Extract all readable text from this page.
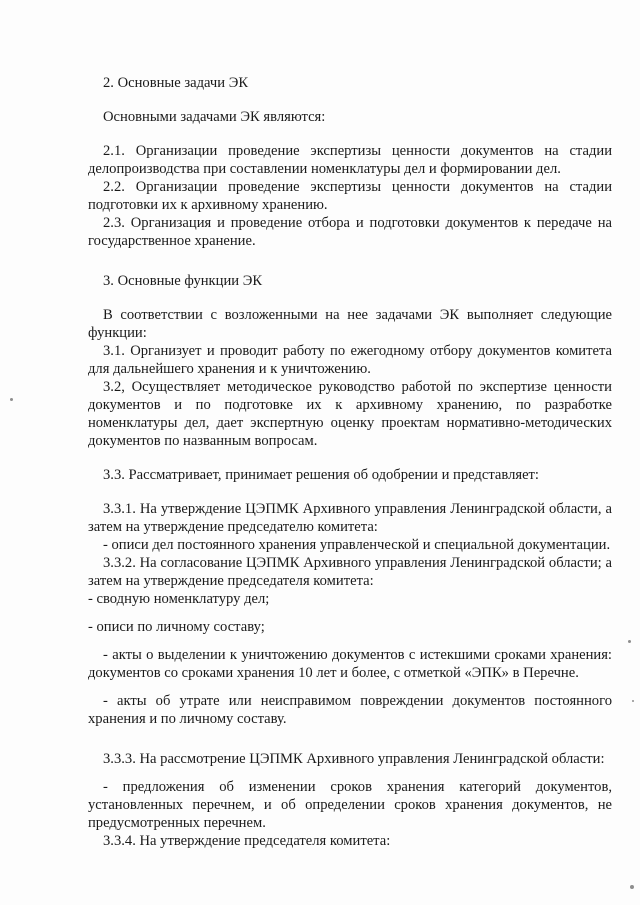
2. Основные задачи ЭК

Основными задачами ЭК являются:

2.1. Организации проведение экспертизы ценности документов на стадии делопроизводства при составлении номенклатуры дел и формировании дел.

2.2. Организации проведение экспертизы ценности документов на стадии подготовки их к архивному хранению.

2.3. Организация и проведение отбора и подготовки документов к передаче на государственное хранение.

3. Основные функции ЭК

В соответствии с возложенными на нее задачами ЭК выполняет следующие функции:

3.1. Организует и проводит работу по ежегодному отбору документов комитета для дальнейшего хранения и к уничтожению.

3.2, Осуществляет методическое руководство работой по экспертизе ценности документов и по подготовке их к архивному хранению, по разработке номенклатуры дел, дает экспертную оценку проектам нормативно-методических документов по названным вопросам.

3.3. Рассматривает, принимает решения об одобрении и представляет:

3.3.1. На утверждение ЦЭПМК Архивного управления Ленинградской области, а затем на утверждение председателю комитета:

- описи дел постоянного хранения управленческой и специальной документации.

3.3.2. На согласование ЦЭПМК Архивного управления Ленинградской области; а затем на утверждение председателя комитета:

- сводную номенклатуру дел;

- описи по личному составу;

- акты о выделении к уничтожению документов с истекшими сроками хранения: документов со сроками хранения 10 лет и более, с отметкой «ЭПК» в Перечне.

- акты об утрате или неисправимом повреждении документов постоянного хранения и по личному составу.

3.3.3. На рассмотрение ЦЭПМК Архивного управления Ленинградской области:

- предложения об изменении сроков хранения категорий документов, установленных перечнем, и об определении сроков хранения документов, не предусмотренных перечнем.

3.3.4. На утверждение председателя комитета:
